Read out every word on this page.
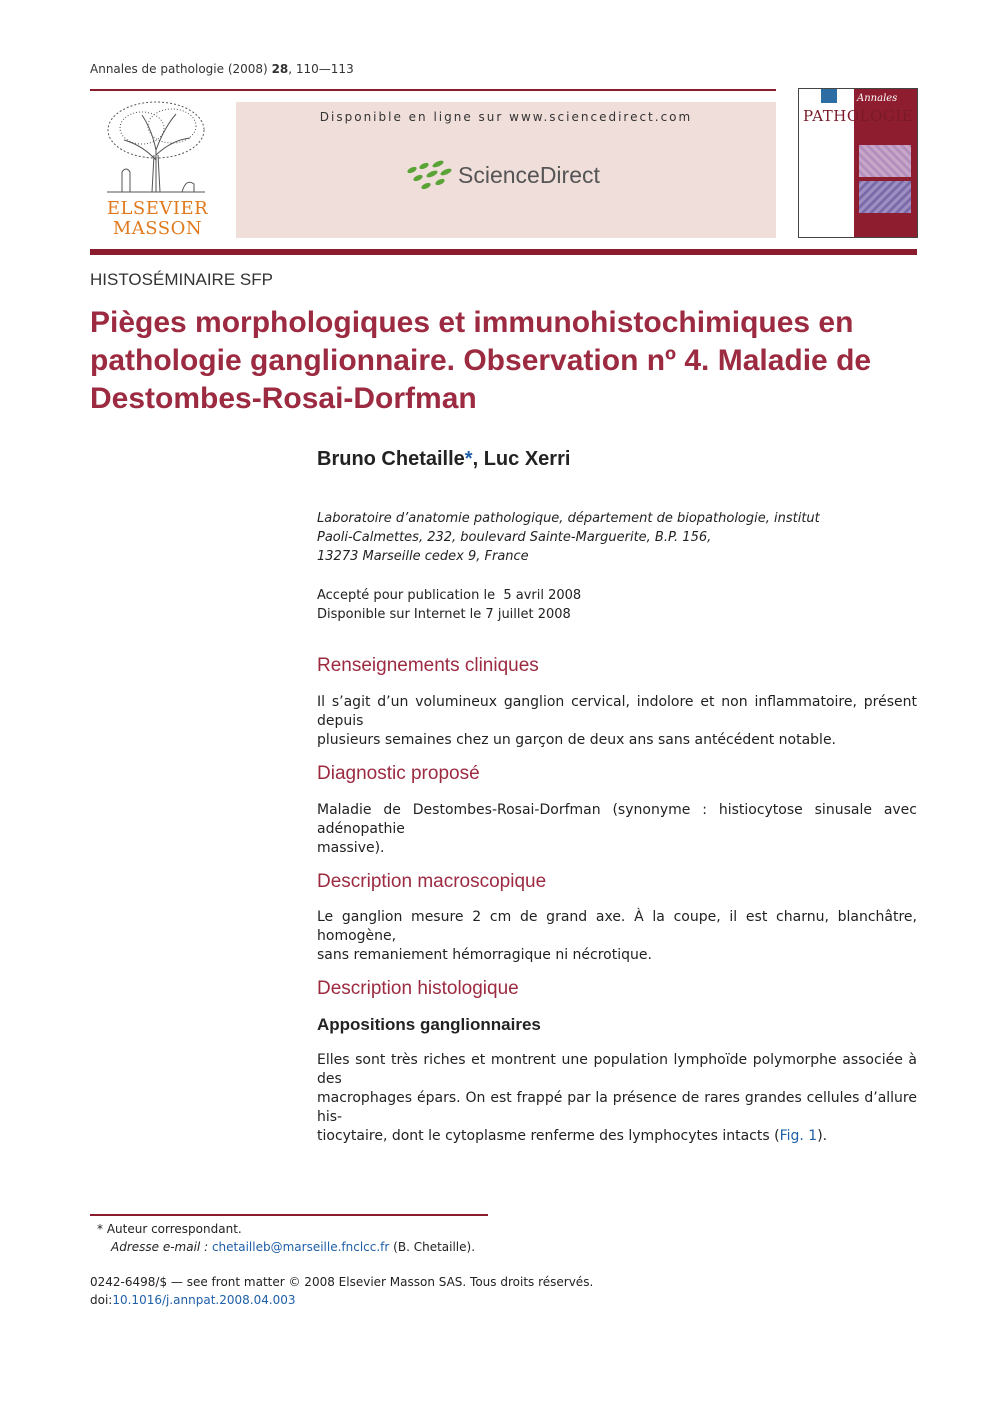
Annales de pathologie (2008) 28, 110—113
ELSEVIER
MASSON
Disponible en ligne sur www.sciencedirect.com
ScienceDirect
Annales
PATHOLOGIE
HISTOSÉMINAIRE SFP
Pièges morphologiques et immunohistochimiques en pathologie ganglionnaire. Observation nº 4. Maladie de Destombes-Rosai-Dorfman
Bruno Chetaille*, Luc Xerri
Laboratoire d’anatomie pathologique, département de biopathologie, institut
Paoli-Calmettes, 232, boulevard Sainte-Marguerite, B.P. 156,
13273 Marseille cedex 9, France
Accepté pour publication le  5 avril 2008
Disponible sur Internet le 7 juillet 2008
Renseignements cliniques

Il s’agit d’un volumineux ganglion cervical, indolore et non inflammatoire, présent depuis
plusieurs semaines chez un garçon de deux ans sans antécédent notable.

Diagnostic proposé

Maladie de Destombes-Rosai-Dorfman (synonyme : histiocytose sinusale avec adénopathie
massive).

Description macroscopique

Le ganglion mesure 2 cm de grand axe. À la coupe, il est charnu, blanchâtre, homogène,
sans remaniement hémorragique ni nécrotique.

Description histologique
Appositions ganglionnaires

Elles sont très riches et montrent une population lymphoïde polymorphe associée à des
macrophages épars. On est frappé par la présence de rares grandes cellules d’allure his-
tiocytaire, dont le cytoplasme renferme des lymphocytes intacts (Fig. 1).

* Auteur correspondant.
Adresse e-mail : chetailleb@marseille.fnclcc.fr (B. Chetaille).
0242-6498/$ — see front matter © 2008 Elsevier Masson SAS. Tous droits réservés.
doi:10.1016/j.annpat.2008.04.003
